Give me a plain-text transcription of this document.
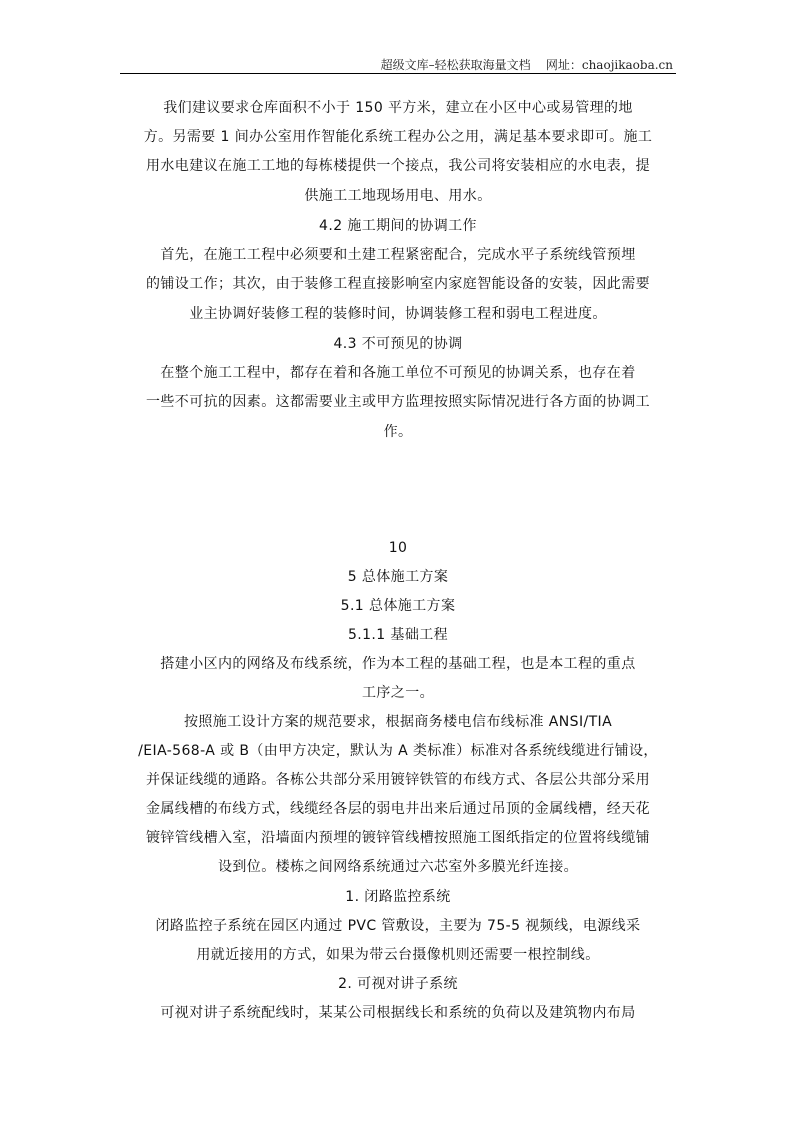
超级文库–轻松获取海量文档 网址：chaojikaoba.cn
我们建议要求仓库面积不小于 150 平方米，建立在小区中心或易管理的地
方。另需要 1 间办公室用作智能化系统工程办公之用，满足基本要求即可。施工
用水电建议在施工工地的每栋楼提供一个接点，我公司将安装相应的水电表，提
供施工工地现场用电、用水。
4.2 施工期间的协调工作
首先，在施工工程中必须要和土建工程紧密配合，完成水平子系统线管预埋
的铺设工作；其次，由于装修工程直接影响室内家庭智能设备的安装，因此需要
业主协调好装修工程的装修时间，协调装修工程和弱电工程进度。
4.3 不可预见的协调
在整个施工工程中，都存在着和各施工单位不可预见的协调关系，也存在着
一些不可抗的因素。这都需要业主或甲方监理按照实际情况进行各方面的协调工
作。
10
5 总体施工方案
5.1 总体施工方案
5.1.1 基础工程
搭建小区内的网络及布线系统，作为本工程的基础工程，也是本工程的重点
工序之一。
按照施工设计方案的规范要求，根据商务楼电信布线标准 ANSI/TIA
/EIA-568-A 或 B（由甲方决定，默认为 A 类标准）标准对各系统线缆进行铺设，
并保证线缆的通路。各栋公共部分采用镀锌铁管的布线方式、各层公共部分采用
金属线槽的布线方式，线缆经各层的弱电井出来后通过吊顶的金属线槽，经天花
镀锌管线槽入室，沿墙面内预埋的镀锌管线槽按照施工图纸指定的位置将线缆铺
设到位。楼栋之间网络系统通过六芯室外多膜光纤连接。
1. 闭路监控系统
闭路监控子系统在园区内通过 PVC 管敷设，主要为 75-5 视频线，电源线采
用就近接用的方式，如果为带云台摄像机则还需要一根控制线。
2. 可视对讲子系统
可视对讲子系统配线时，某某公司根据线长和系统的负荷以及建筑物内布局
